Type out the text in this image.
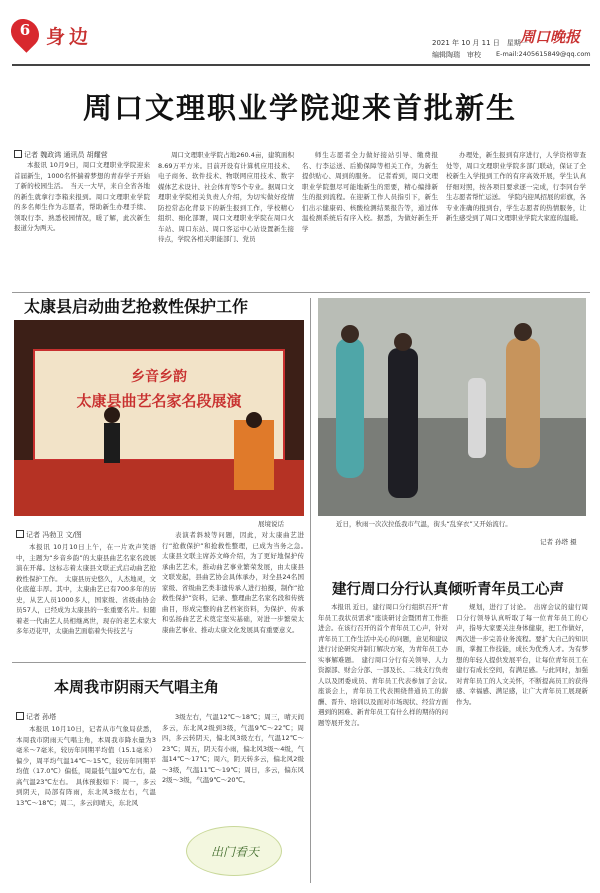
6 身边	2021 年 10 月 11 日　星期一
编辑陶瑞　审校
周口晚报
E-mail:2405615849@qq.com
周口文理职业学院迎来首批新生
记者 魏政鸿 通讯员 胡耀营

本报讯 10月9日，周口文理职业学院迎来首届新生，1000名怀揣着梦想的青春学子开始了新的校园生活。　当天一大早，来自全省各地的新生就拿行李箱来报到。周口文理职业学院的多名师生作为志愿者，帮助新生办理手续、领取行李、熟悉校园情况，暖了解，此次新生报道分为两天。

周口文理职业学院占地260.4亩，建筑面积8.69万平方米。目前开设有计算机应用技术、电子商务、软件技术、物联网应用技术、数字媒体艺术设计、社会体育等5个专业。据周口文理职业学院相关负责人介绍，为切实做好疫情防控常态化背景下的新生报到工作，学校精心组织、细化部署，周口文理职业学院在周口火车站、周口东站、周口客运中心站设置新生接待点，学院各相关职能部门、党员

师生志愿者全力做好接站引导、缴费报名、行李运送、后勤保障等相关工作，为新生提供贴心、周到的服务。　记者看到，周口文理职业学院想尽可能地新生的需要，精心编排新生的报到流程。在迎新工作人员指引下，新生们出示健康码、核酸检测结果报告等，通过体温检测系统后有序入校。据悉，为做好新生开学

办理处，新生报到有序进行，人学资格审查处等，周口文理职业学院多部门联动，保证了全校新生入学报到工作的有序高效开展，学生认真仔细对照，按各项目要求逐一完成，行李同台学生志愿者帮忙运送。　学院内迎风招展的彩旗，各专业准确的报到台，学生志愿者的热情服务，让新生感受到了周口文理职业学院大家庭的温暖。

太康县启动曲艺抢救性保护工作
乡音乡韵
太康县曲艺名家名段展演
展境说话
记者 冯勃卫 文/图

本报讯 10月10日上午，在一片欢声笑语中，主题为“乡音乡韵”的太康县曲艺名家名段展演在开幕。这标志着太康县文联正式启动曲艺抢救性保护工作。　太康县历史悠久，人杰地灵，文化底蕴丰厚。其中，太康曲艺已有700多年的历史，从艺人员1000多人，国家级、省级曲协会员57人，已经成为太康县的一张重要名片。但随着老一代曲艺人员相继离世，现存的老艺术家大多年迈花甲，太康曲艺面临着失传技艺与

表演者斜坡等问题，因此，对太康曲艺进行“抢救保护”和抢救性整理，已成为当务之急。　太康县文联主席苏文峰介绍，为了更好地保护传承曲艺艺术，推动曲艺事业繁荣发展，由太康县文联发起，县曲艺协会具体承办，对全县24名国家级、省级曲艺类非遗传承人进行拍摄，制作“抢救性保护”资料，记录、整理曲艺名家名段和传统曲目，形成完整的曲艺档案资料，为保护、传承和弘扬曲艺艺术奠定坚实基础，对进一步繁荣太康曲艺事业、推动太康文化发展具有重要意义。

近日，秋雨一次次拉低我市气温，街头“乱穿衣”又开始流行。
记者 孙塔 摄
建行周口分行认真倾听青年员工心声

本报讯 近日，建行周口分行组织召开“青年员工我状员需求”座谈研讨会暨团青工作推进会。在该行召开的首个青年员工心声，针对青年员工工作生活中关心的问题，意见和建议进行讨论研究并制订解决方案，为青年员工办实事解难题。　建行周口分行有关领导、人力资源部、财会分部、一部及长、二线支行负责人以及团委成员、青年员工代表参加了会议。　座谈会上，青年员工代表围绕普通员工的薪酬、晋升、培训以及面对市场现状、经营方面遇到的困难、新青年员工有什么样的期待的问题等展开发言。

规划，进行了讨论。　出席会议的建行周口分行领导认真听取了每一位青年员工的心声，指导大家要关注身体健康，把工作做好，两次进一步完善业务流程。要扩大自己的知识面，掌握工作技能，成长为优秀人才。为有梦想的年轻人提供发展平台，让每位青年员工在建行有成长空间，有满足感。与此同时，加强对青年员工的人文关怀，不断提高员工的获得感、幸福感、满足感，让广大青年员工展现新作为。

本周我市阴雨天气唱主角
记者 孙塔

本报讯 10月10日，记者从市气象局获悉，本周我市阴雨天气唱主角，本周我市降水量为3毫米～7毫米，较历年同期平均值（15.1毫米）偏少，周平均气温14℃～15℃，较历年同期平均值（17.0℃）偏低，周最低气温9℃左右，最高气温23℃左右。　具体预报如下：周一，多云到阴天，局部有阵雨，东北风3级左右，气温13℃～18℃；周二，多云间晴天，东北风

3级左右，气温12℃～18℃；周三，晴天间多云，东北风2级到3级，气温9℃～22℃；周四，多云转阴天，偏北风3级左右，气温12℃～23℃；周五，阴天有小雨，偏北风3级～4级，气温14℃～17℃；周六，阴天转多云，偏北风2级～3级，气温11℃～19℃；周日，多云，偏东风2级～3级，气温9℃～20℃。

出门看天
